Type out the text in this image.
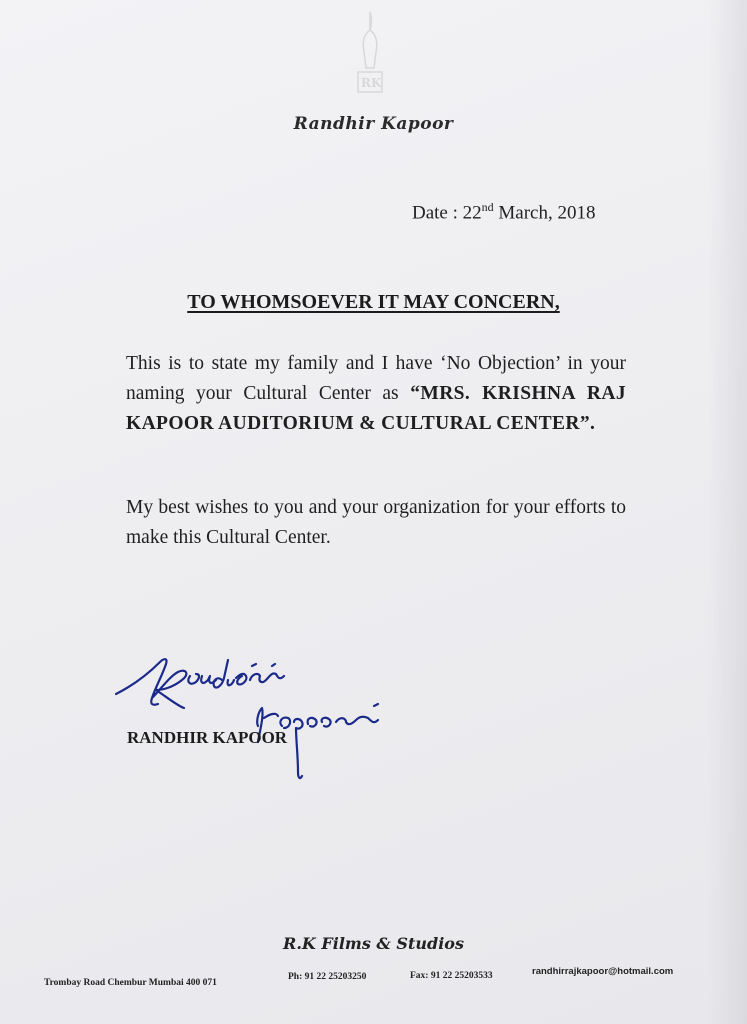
RK
Randhir Kapoor
Date : 22nd March, 2018
TO WHOMSOEVER IT MAY CONCERN,

This is to state my family and I have ‘No Objection’ in your naming your Cultural Center as “MRS. KRISHNA RAJ KAPOOR AUDITORIUM & CULTURAL CENTER”.

My best wishes to you and your organization for your efforts to make this Cultural Center.

RANDHIR KAPOOR
R.K Films & Studios
Trombay Road Chembur Mumbai 400 071
Ph: 91 22 25203250	Fax: 91 22 25203533	randhirrajkapoor@hotmail.com
